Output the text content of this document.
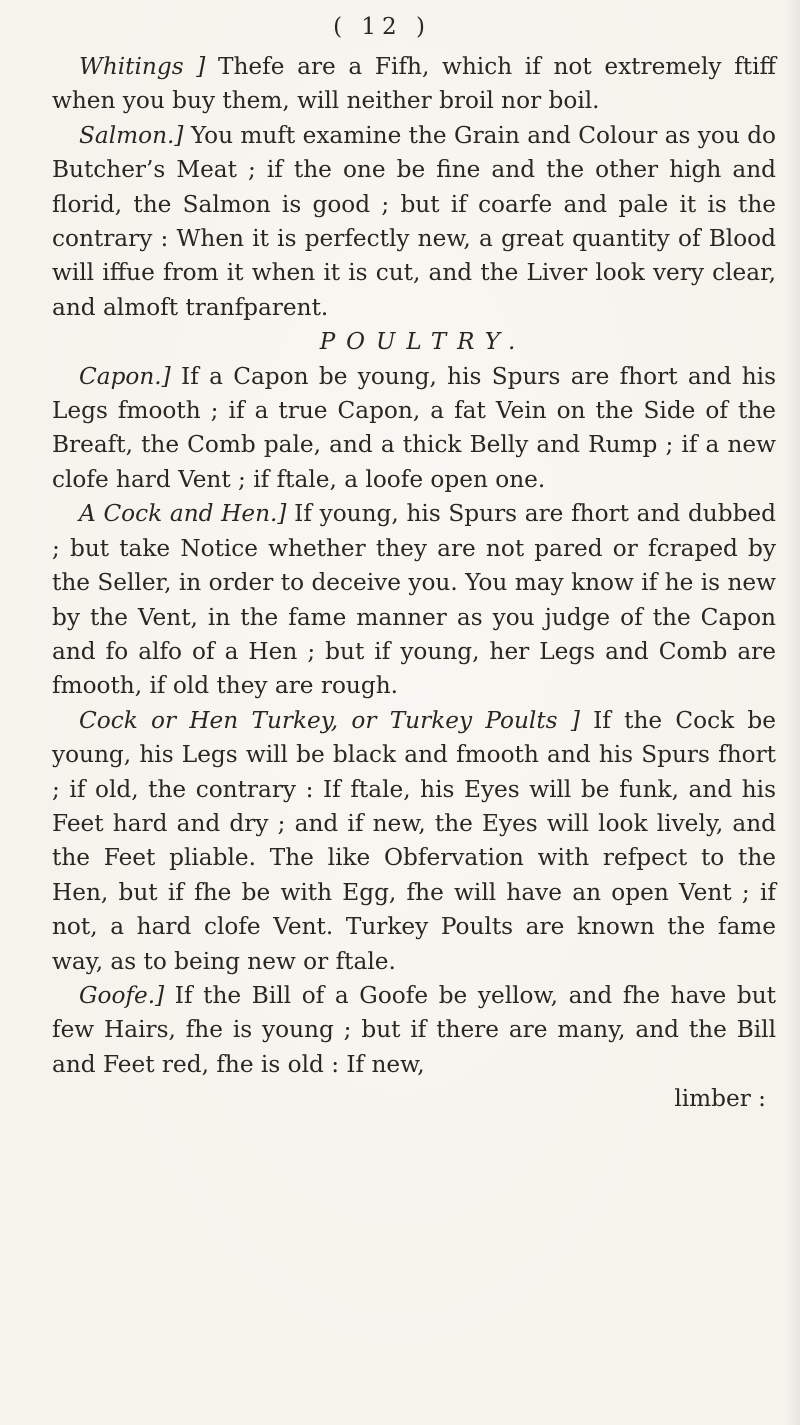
( 12 )

Whitings ] Thefe are a Fifh, which if not extremely ftiff when you buy them, will neither broil nor boil.

Salmon.] You muft examine the Grain and Colour as you do Butcher’s Meat ; if the one be fine and the other high and florid, the Salmon is good ; but if coarfe and pale it is the contrary : When it is perfectly new, a great quantity of Blood will iffue from it when it is cut, and the Liver look very clear, and almoft tranfparent.

POULTRY.

Capon.] If a Capon be young, his Spurs are fhort and his Legs fmooth ; if a true Capon, a fat Vein on the Side of the Breaft, the Comb pale, and a thick Belly and Rump ; if a new clofe hard Vent ; if ftale, a loofe open one.

A Cock and Hen.] If young, his Spurs are fhort and dubbed ; but take Notice whether they are not pared or fcraped by the Seller, in order to deceive you. You may know if he is new by the Vent, in the fame manner as you judge of the Capon and fo alfo of a Hen ; but if young, her Legs and Comb are fmooth, if old they are rough.

Cock or Hen Turkey, or Turkey Poults ] If the Cock be young, his Legs will be black and fmooth and his Spurs fhort ; if old, the contrary : If ftale, his Eyes will be funk, and his Feet hard and dry ; and if new, the Eyes will look lively, and the Feet pliable. The like Obfervation with refpect to the Hen, but if fhe be with Egg, fhe will have an open Vent ; if not, a hard clofe Vent. Turkey Poults are known the fame way, as to being new or ftale.

Goofe.] If the Bill of a Goofe be yellow, and fhe have but few Hairs, fhe is young ; but if there are many, and the Bill and Feet red, fhe is old : If new,

limber :
